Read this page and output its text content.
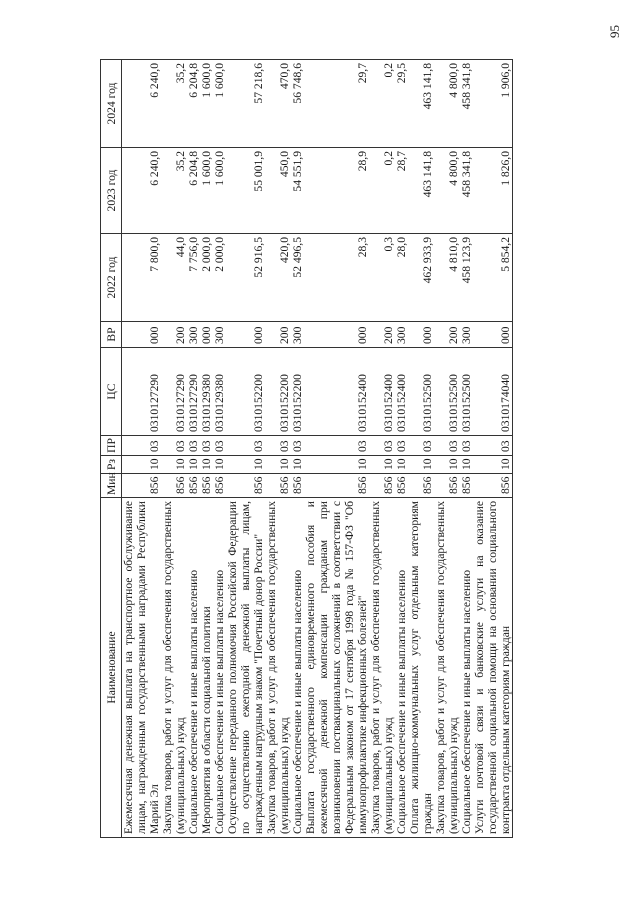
95
Наименование	Мин	Рз	ПР	ЦС	ВР	2022 год	2023 год	2024 год
Ежемесячная денежная выплата на транспортное обслуживание лицам, награжденным государственными наградами Республики Марий Эл	856	10	03	0310127290	000	7 800,0	6 240,0	6 240,0
Закупка товаров, работ и услуг для обеспечения государственных (муниципальных) нужд	856	10	03	0310127290	200	44,0	35,2	35,2
Социальное обеспечение и иные выплаты населению	856	10	03	0310127290	300	7 756,0	6 204,8	6 204,8
Мероприятия в области социальной политики	856	10	03	0310129380	000	2 000,0	1 600,0	1 600,0
Социальное обеспечение и иные выплаты населению	856	10	03	0310129380	300	2 000,0	1 600,0	1 600,0
Осуществление переданного полномочия Российской Федерации по осуществлению ежегодной денежной выплаты лицам, награжденным нагрудным знаком "Почетный донор России"	856	10	03	0310152200	000	52 916,5	55 001,9	57 218,6
Закупка товаров, работ и услуг для обеспечения государственных (муниципальных) нужд	856	10	03	0310152200	200	420,0	450,0	470,0
Социальное обеспечение и иные выплаты населению	856	10	03	0310152200	300	52 496,5	54 551,9	56 748,6
Выплата государственного единовременного пособия и ежемесячной денежной компенсации гражданам при возникновении поствакцинальных осложнений в соответствии с Федеральным законом от 17 сентября 1998 года № 157-ФЗ "Об иммунопрофилактике инфекционных болезней"	856	10	03	0310152400	000	28,3	28,9	29,7
Закупка товаров, работ и услуг для обеспечения государственных (муниципальных) нужд	856	10	03	0310152400	200	0,3	0,2	0,2
Социальное обеспечение и иные выплаты населению	856	10	03	0310152400	300	28,0	28,7	29,5
Оплата жилищно-коммунальных услуг отдельным категориям граждан	856	10	03	0310152500	000	462 933,9	463 141,8	463 141,8
Закупка товаров, работ и услуг для обеспечения государственных (муниципальных) нужд	856	10	03	0310152500	200	4 810,0	4 800,0	4 800,0
Социальное обеспечение и иные выплаты населению	856	10	03	0310152500	300	458 123,9	458 341,8	458 341,8
Услуги почтовой связи и банковские услуги на оказание государственной социальной помощи на основании социального контракта отдельным категориям граждан	856	10	03	0310174040	000	5 854,2	1 826,0	1 906,0
